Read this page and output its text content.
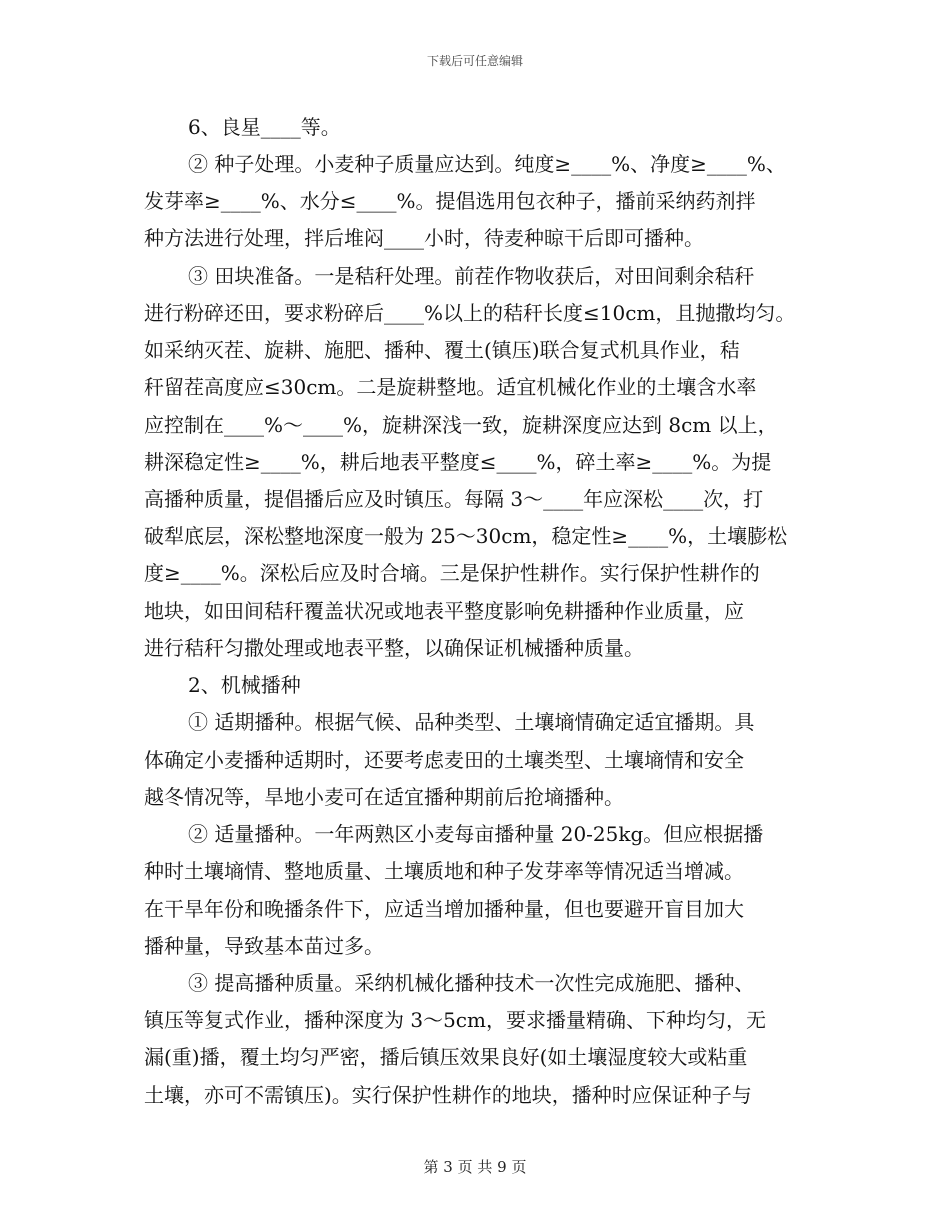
下载后可任意编辑
6、良星____等。
② 种子处理。小麦种子质量应达到。纯度≥____%、净度≥____%、
发芽率≥____%、水分≤____%。提倡选用包衣种子，播前采纳药剂拌
种方法进行处理，拌后堆闷____小时，待麦种晾干后即可播种。
③ 田块准备。一是秸秆处理。前茬作物收获后，对田间剩余秸秆
进行粉碎还田，要求粉碎后____%以上的秸秆长度≤10cm，且抛撒均匀。
如采纳灭茬、旋耕、施肥、播种、覆土(镇压)联合复式机具作业，秸
秆留茬高度应≤30cm。二是旋耕整地。适宜机械化作业的土壤含水率
应控制在____%～____%，旋耕深浅一致，旋耕深度应达到 8cm 以上，
耕深稳定性≥____%，耕后地表平整度≤____%，碎土率≥____%。为提
高播种质量，提倡播后应及时镇压。每隔 3～____年应深松____次，打
破犁底层，深松整地深度一般为 25～30cm，稳定性≥____%，土壤膨松
度≥____%。深松后应及时合墒。三是保护性耕作。实行保护性耕作的
地块，如田间秸秆覆盖状况或地表平整度影响免耕播种作业质量，应
进行秸秆匀撒处理或地表平整，以确保证机械播种质量。
2、机械播种
① 适期播种。根据气候、品种类型、土壤墒情确定适宜播期。具
体确定小麦播种适期时，还要考虑麦田的土壤类型、土壤墒情和安全
越冬情况等，旱地小麦可在适宜播种期前后抢墒播种。
② 适量播种。一年两熟区小麦每亩播种量 20-25kg。但应根据播
种时土壤墒情、整地质量、土壤质地和种子发芽率等情况适当增减。
在干旱年份和晚播条件下，应适当增加播种量，但也要避开盲目加大
播种量，导致基本苗过多。
③ 提高播种质量。采纳机械化播种技术一次性完成施肥、播种、
镇压等复式作业，播种深度为 3～5cm，要求播量精确、下种均匀，无
漏(重)播，覆土均匀严密，播后镇压效果良好(如土壤湿度较大或粘重
土壤，亦可不需镇压)。实行保护性耕作的地块，播种时应保证种子与
第 3 页 共 9 页
